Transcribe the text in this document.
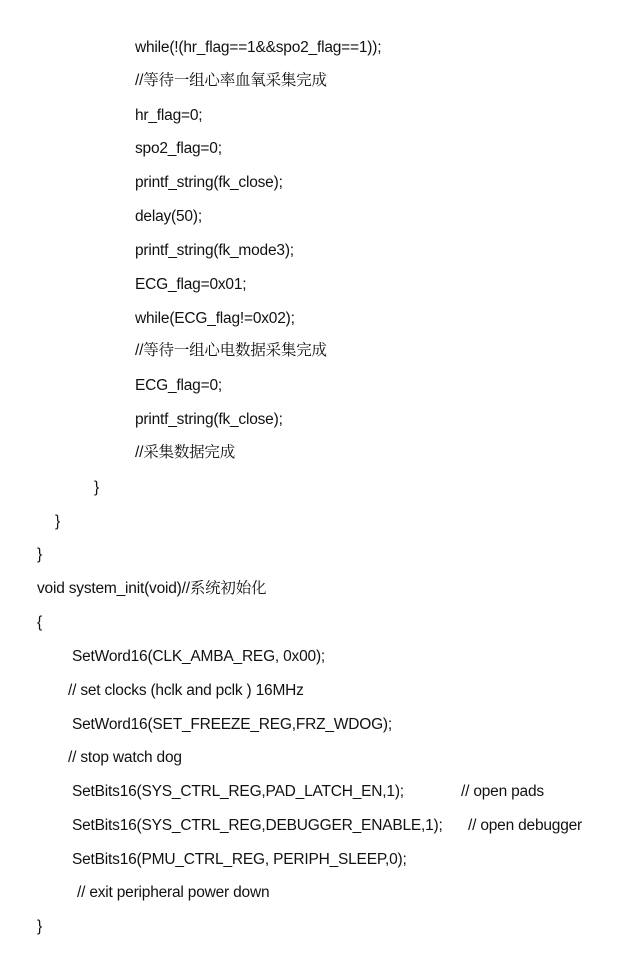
while(!(hr_flag==1&&spo2_flag==1));
//等待一组心率血氧采集完成
hr_flag=0;
spo2_flag=0;
printf_string(fk_close);
delay(50);
printf_string(fk_mode3);
ECG_flag=0x01;
while(ECG_flag!=0x02);
//等待一组心电数据采集完成
ECG_flag=0;
printf_string(fk_close);
//采集数据完成
}
}
}
void system_init(void)//系统初始化
{
SetWord16(CLK_AMBA_REG, 0x00);
// set clocks (hclk and pclk ) 16MHz
SetWord16(SET_FREEZE_REG,FRZ_WDOG);
// stop watch dog
SetBits16(SYS_CTRL_REG,PAD_LATCH_EN,1);	// open pads
SetBits16(SYS_CTRL_REG,DEBUGGER_ENABLE,1); // open debugger
SetBits16(PMU_CTRL_REG, PERIPH_SLEEP,0);
// exit peripheral power down
}
